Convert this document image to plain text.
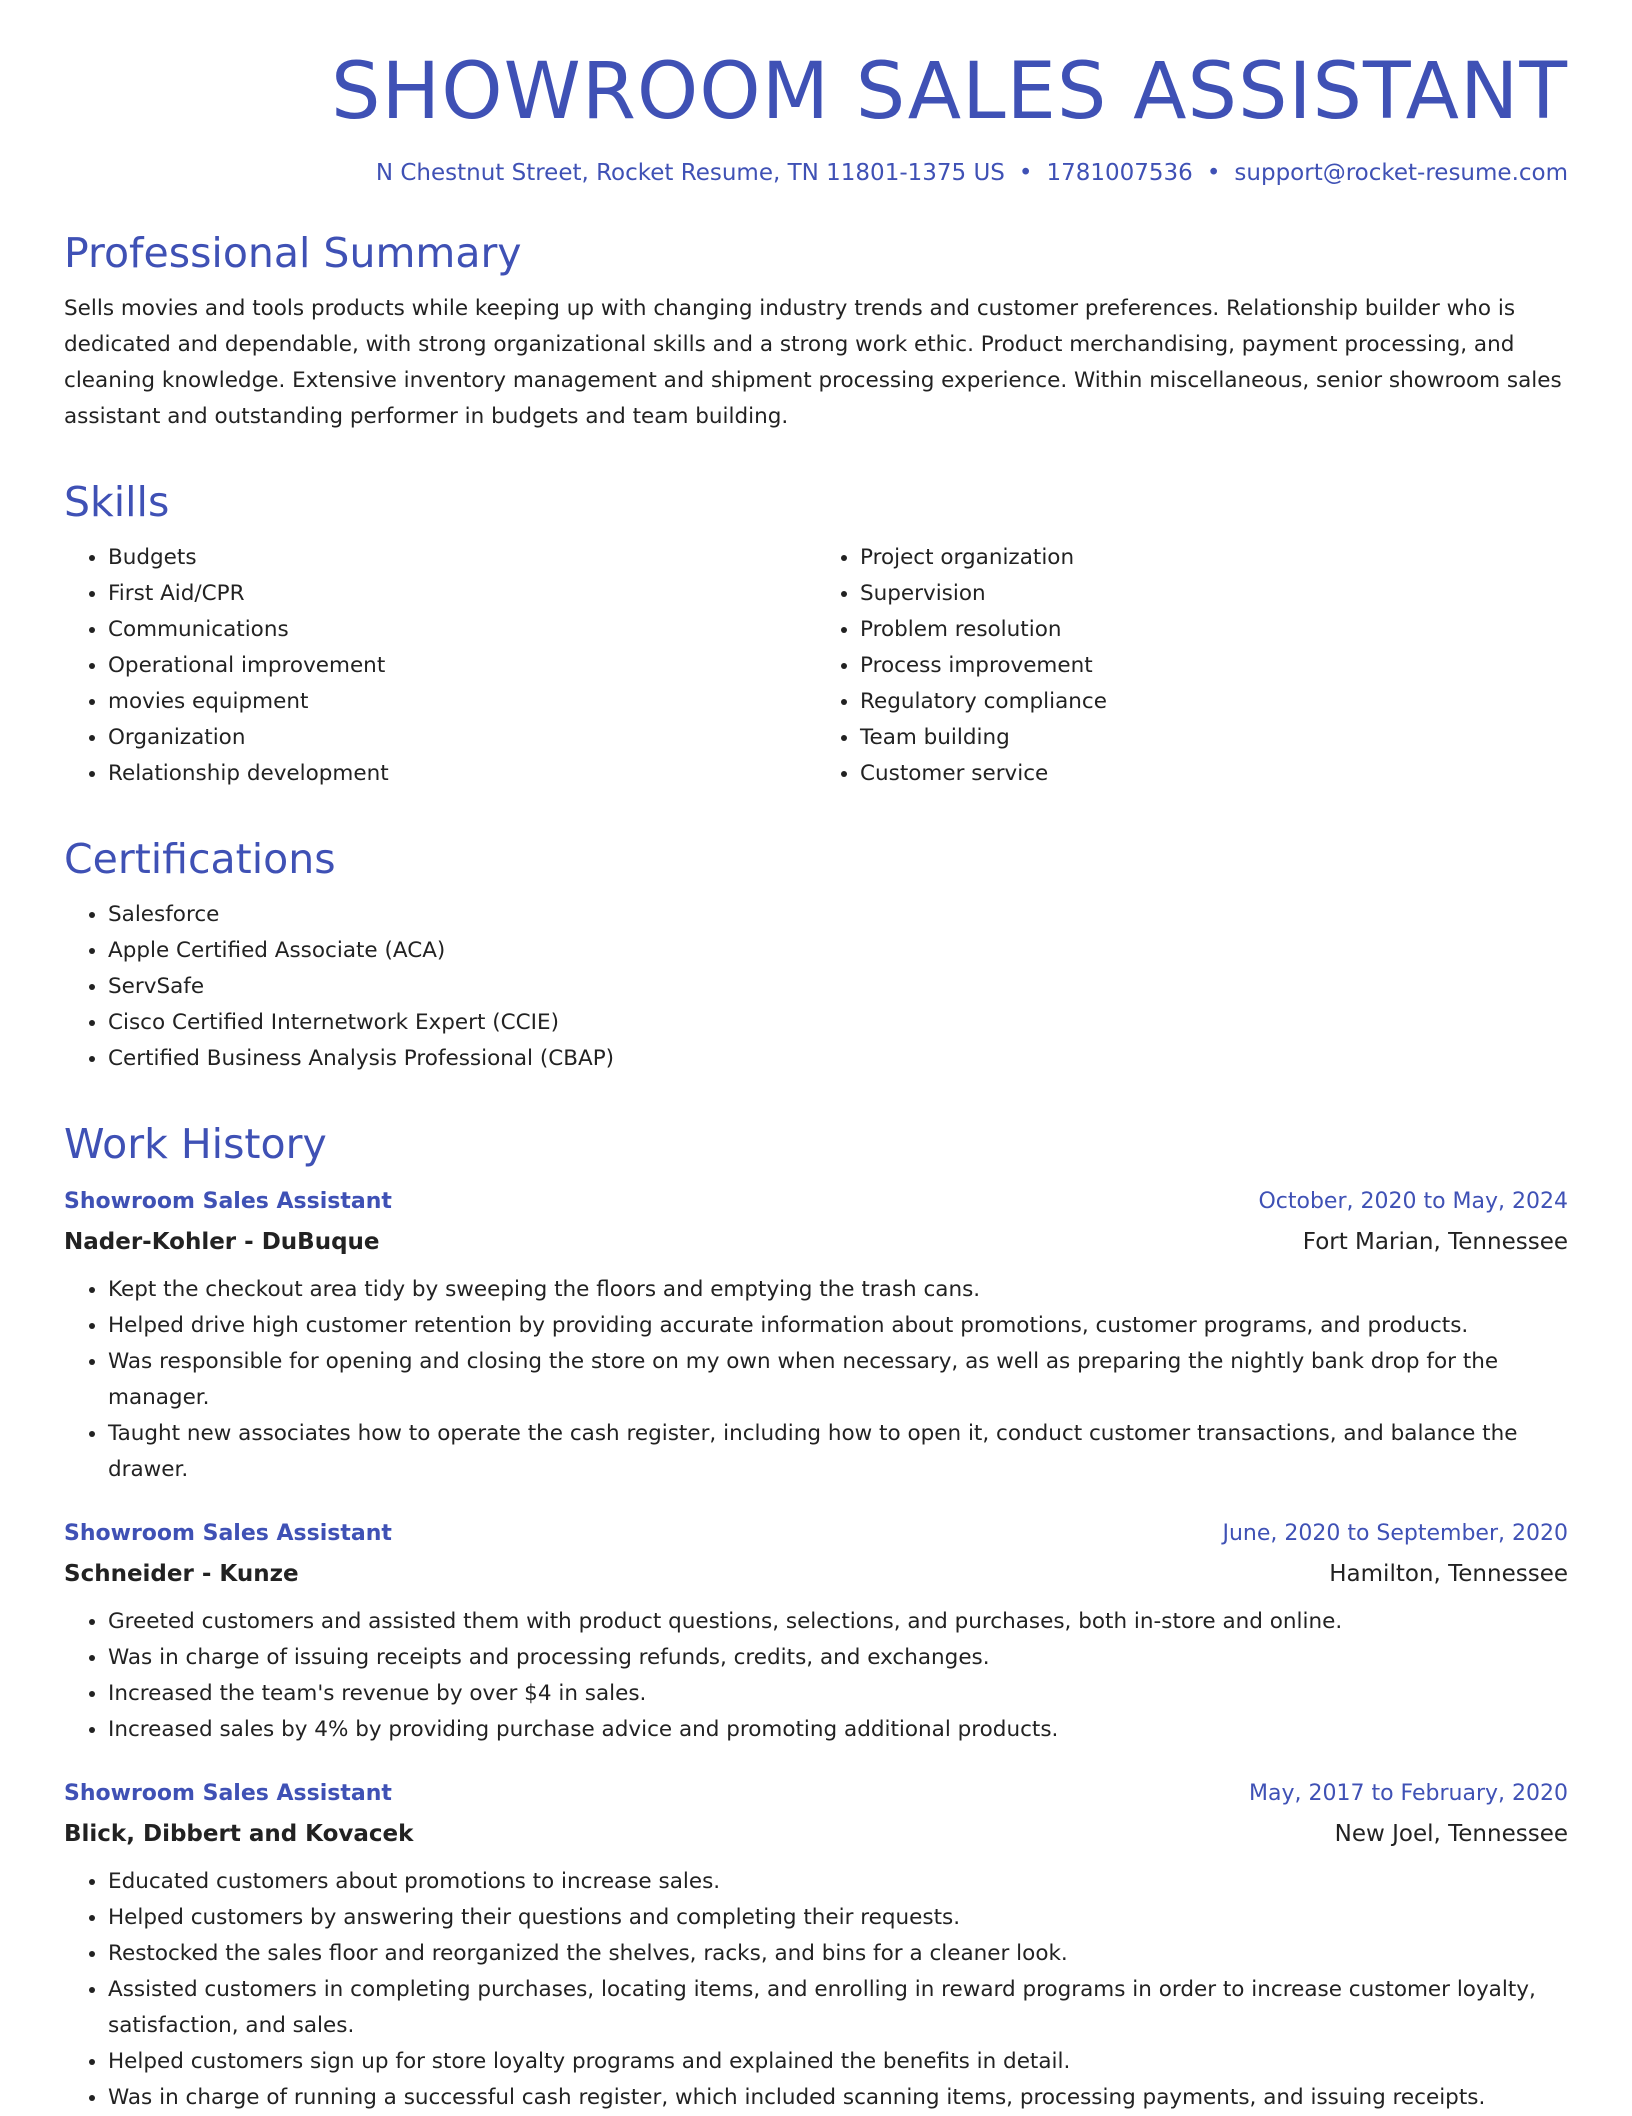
SHOWROOM SALES ASSISTANT
N Chestnut Street, Rocket Resume, TN 11801-1375 US • 1781007536 • support@rocket-resume.com
Professional Summary

Sells movies and tools products while keeping up with changing industry trends and customer preferences. Relationship builder who is dedicated and dependable, with strong organizational skills and a strong work ethic. Product merchandising, payment processing, and cleaning knowledge. Extensive inventory management and shipment processing experience. Within miscellaneous, senior showroom sales assistant and outstanding performer in budgets and team building.

Skills
• Budgets
• First Aid/CPR
• Communications
• Operational improvement
• movies equipment
• Organization
• Relationship development
• Project organization
• Supervision
• Problem resolution
• Process improvement
• Regulatory compliance
• Team building
• Customer service
Certifications
• Salesforce
• Apple Certified Associate (ACA)
• ServSafe
• Cisco Certified Internetwork Expert (CCIE)
• Certified Business Analysis Professional (CBAP)
Work History
Showroom Sales Assistant	October, 2020 to May, 2024
Nader-Kohler - DuBuque	Fort Marian, Tennessee
• Kept the checkout area tidy by sweeping the floors and emptying the trash cans.
• Helped drive high customer retention by providing accurate information about promotions, customer programs, and products.
• Was responsible for opening and closing the store on my own when necessary, as well as preparing the nightly bank drop for the manager.
• Taught new associates how to operate the cash register, including how to open it, conduct customer transactions, and balance the drawer.
Showroom Sales Assistant	June, 2020 to September, 2020
Schneider - Kunze	Hamilton, Tennessee
• Greeted customers and assisted them with product questions, selections, and purchases, both in-store and online.
• Was in charge of issuing receipts and processing refunds, credits, and exchanges.
• Increased the team's revenue by over $4 in sales.
• Increased sales by 4% by providing purchase advice and promoting additional products.
Showroom Sales Assistant	May, 2017 to February, 2020
Blick, Dibbert and Kovacek	New Joel, Tennessee
• Educated customers about promotions to increase sales.
• Helped customers by answering their questions and completing their requests.
• Restocked the sales floor and reorganized the shelves, racks, and bins for a cleaner look.
• Assisted customers in completing purchases, locating items, and enrolling in reward programs in order to increase customer loyalty, satisfaction, and sales.
• Helped customers sign up for store loyalty programs and explained the benefits in detail.
• Was in charge of running a successful cash register, which included scanning items, processing payments, and issuing receipts.
